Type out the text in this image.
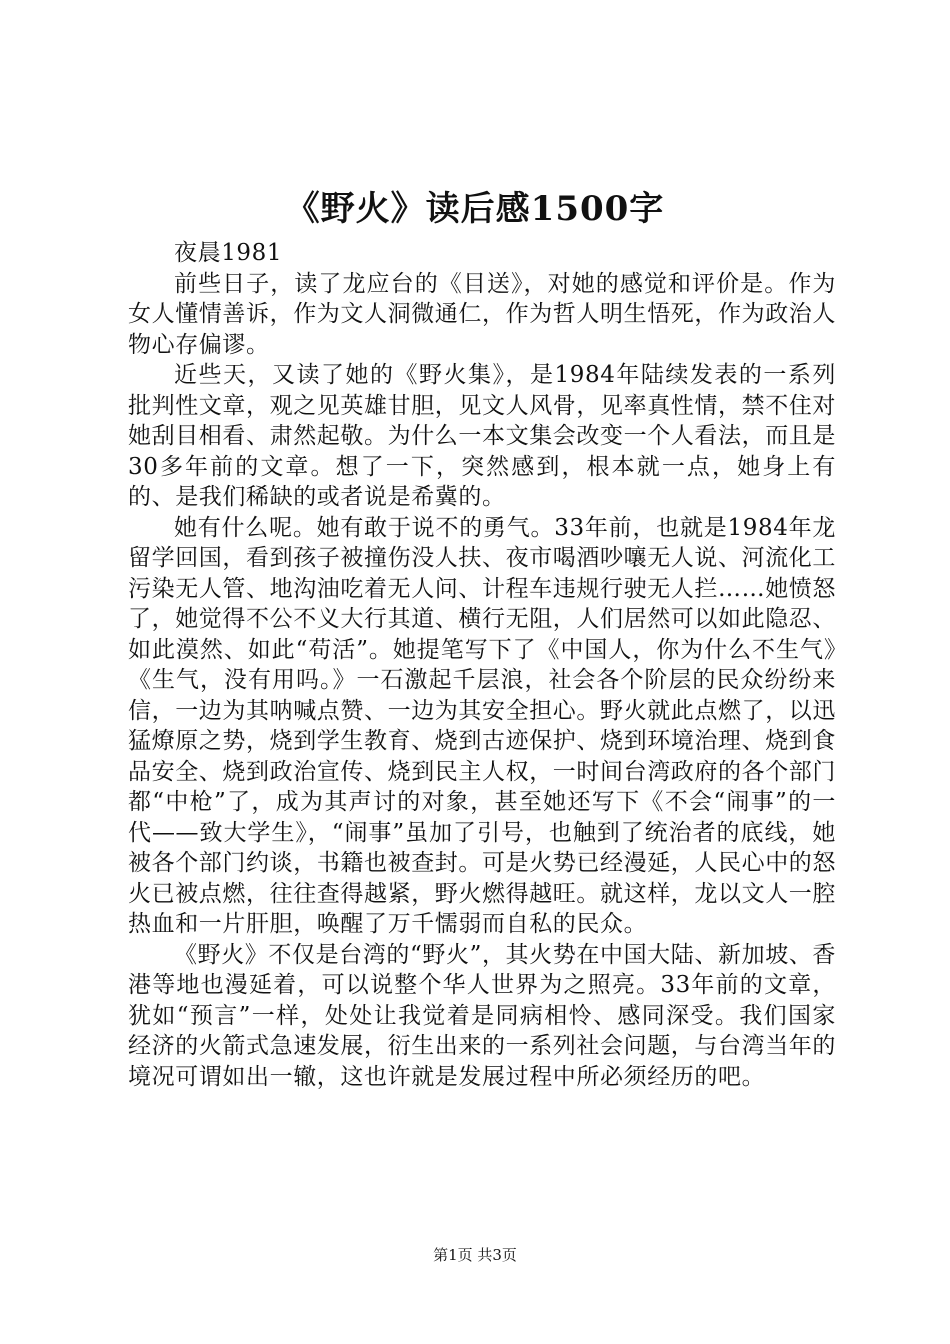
《野火》读后感1500字

夜晨1981

前些日子，读了龙应台的《目送》，对她的感觉和评价是。作为女人懂情善诉，作为文人洞微通仁，作为哲人明生悟死，作为政治人物心存偏谬。

近些天，又读了她的《野火集》，是1984年陆续发表的一系列批判性文章，观之见英雄甘胆，见文人风骨，见率真性情，禁不住对她刮目相看、肃然起敬。为什么一本文集会改变一个人看法，而且是30多年前的文章。想了一下，突然感到，根本就一点，她身上有的、是我们稀缺的或者说是希冀的。

她有什么呢。她有敢于说不的勇气。33年前，也就是1984年龙留学回国，看到孩子被撞伤没人扶、夜市喝酒吵嚷无人说、河流化工污染无人管、地沟油吃着无人问、计程车违规行驶无人拦……她愤怒了，她觉得不公不义大行其道、横行无阻，人们居然可以如此隐忍、如此漠然、如此“苟活”。她提笔写下了《中国人，你为什么不生气》《生气，没有用吗。》一石激起千层浪，社会各个阶层的民众纷纷来信，一边为其呐喊点赞、一边为其安全担心。野火就此点燃了，以迅猛燎原之势，烧到学生教育、烧到古迹保护、烧到环境治理、烧到食品安全、烧到政治宣传、烧到民主人权，一时间台湾政府的各个部门都“中枪”了，成为其声讨的对象，甚至她还写下《不会“闹事”的一代——致大学生》，“闹事”虽加了引号，也触到了统治者的底线，她被各个部门约谈，书籍也被查封。可是火势已经漫延，人民心中的怒火已被点燃，往往查得越紧，野火燃得越旺。就这样，龙以文人一腔热血和一片肝胆，唤醒了万千懦弱而自私的民众。

《野火》不仅是台湾的“野火”，其火势在中国大陆、新加坡、香港等地也漫延着，可以说整个华人世界为之照亮。33年前的文章，犹如“预言”一样，处处让我觉着是同病相怜、感同深受。我们国家经济的火箭式急速发展，衍生出来的一系列社会问题，与台湾当年的境况可谓如出一辙，这也许就是发展过程中所必须经历的吧。

第1页 共3页
